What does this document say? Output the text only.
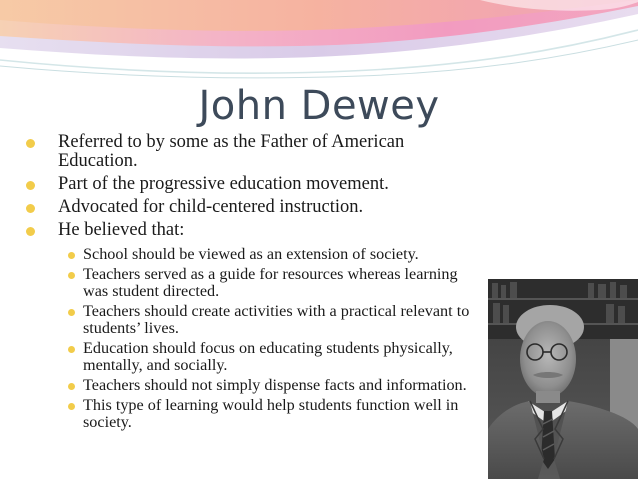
John Dewey
Referred to by some as the Father of American Education.
Part of the progressive education movement.
Advocated for child-centered instruction.
He believed that:
School should be viewed as an extension of society.
Teachers served as a guide for resources whereas learning was student directed.
Teachers should create activities with a practical relevant to students’ lives.
Education should focus on educating students physically, mentally, and socially.
Teachers should not simply dispense facts and information.
This type of learning would help students function well in society.
